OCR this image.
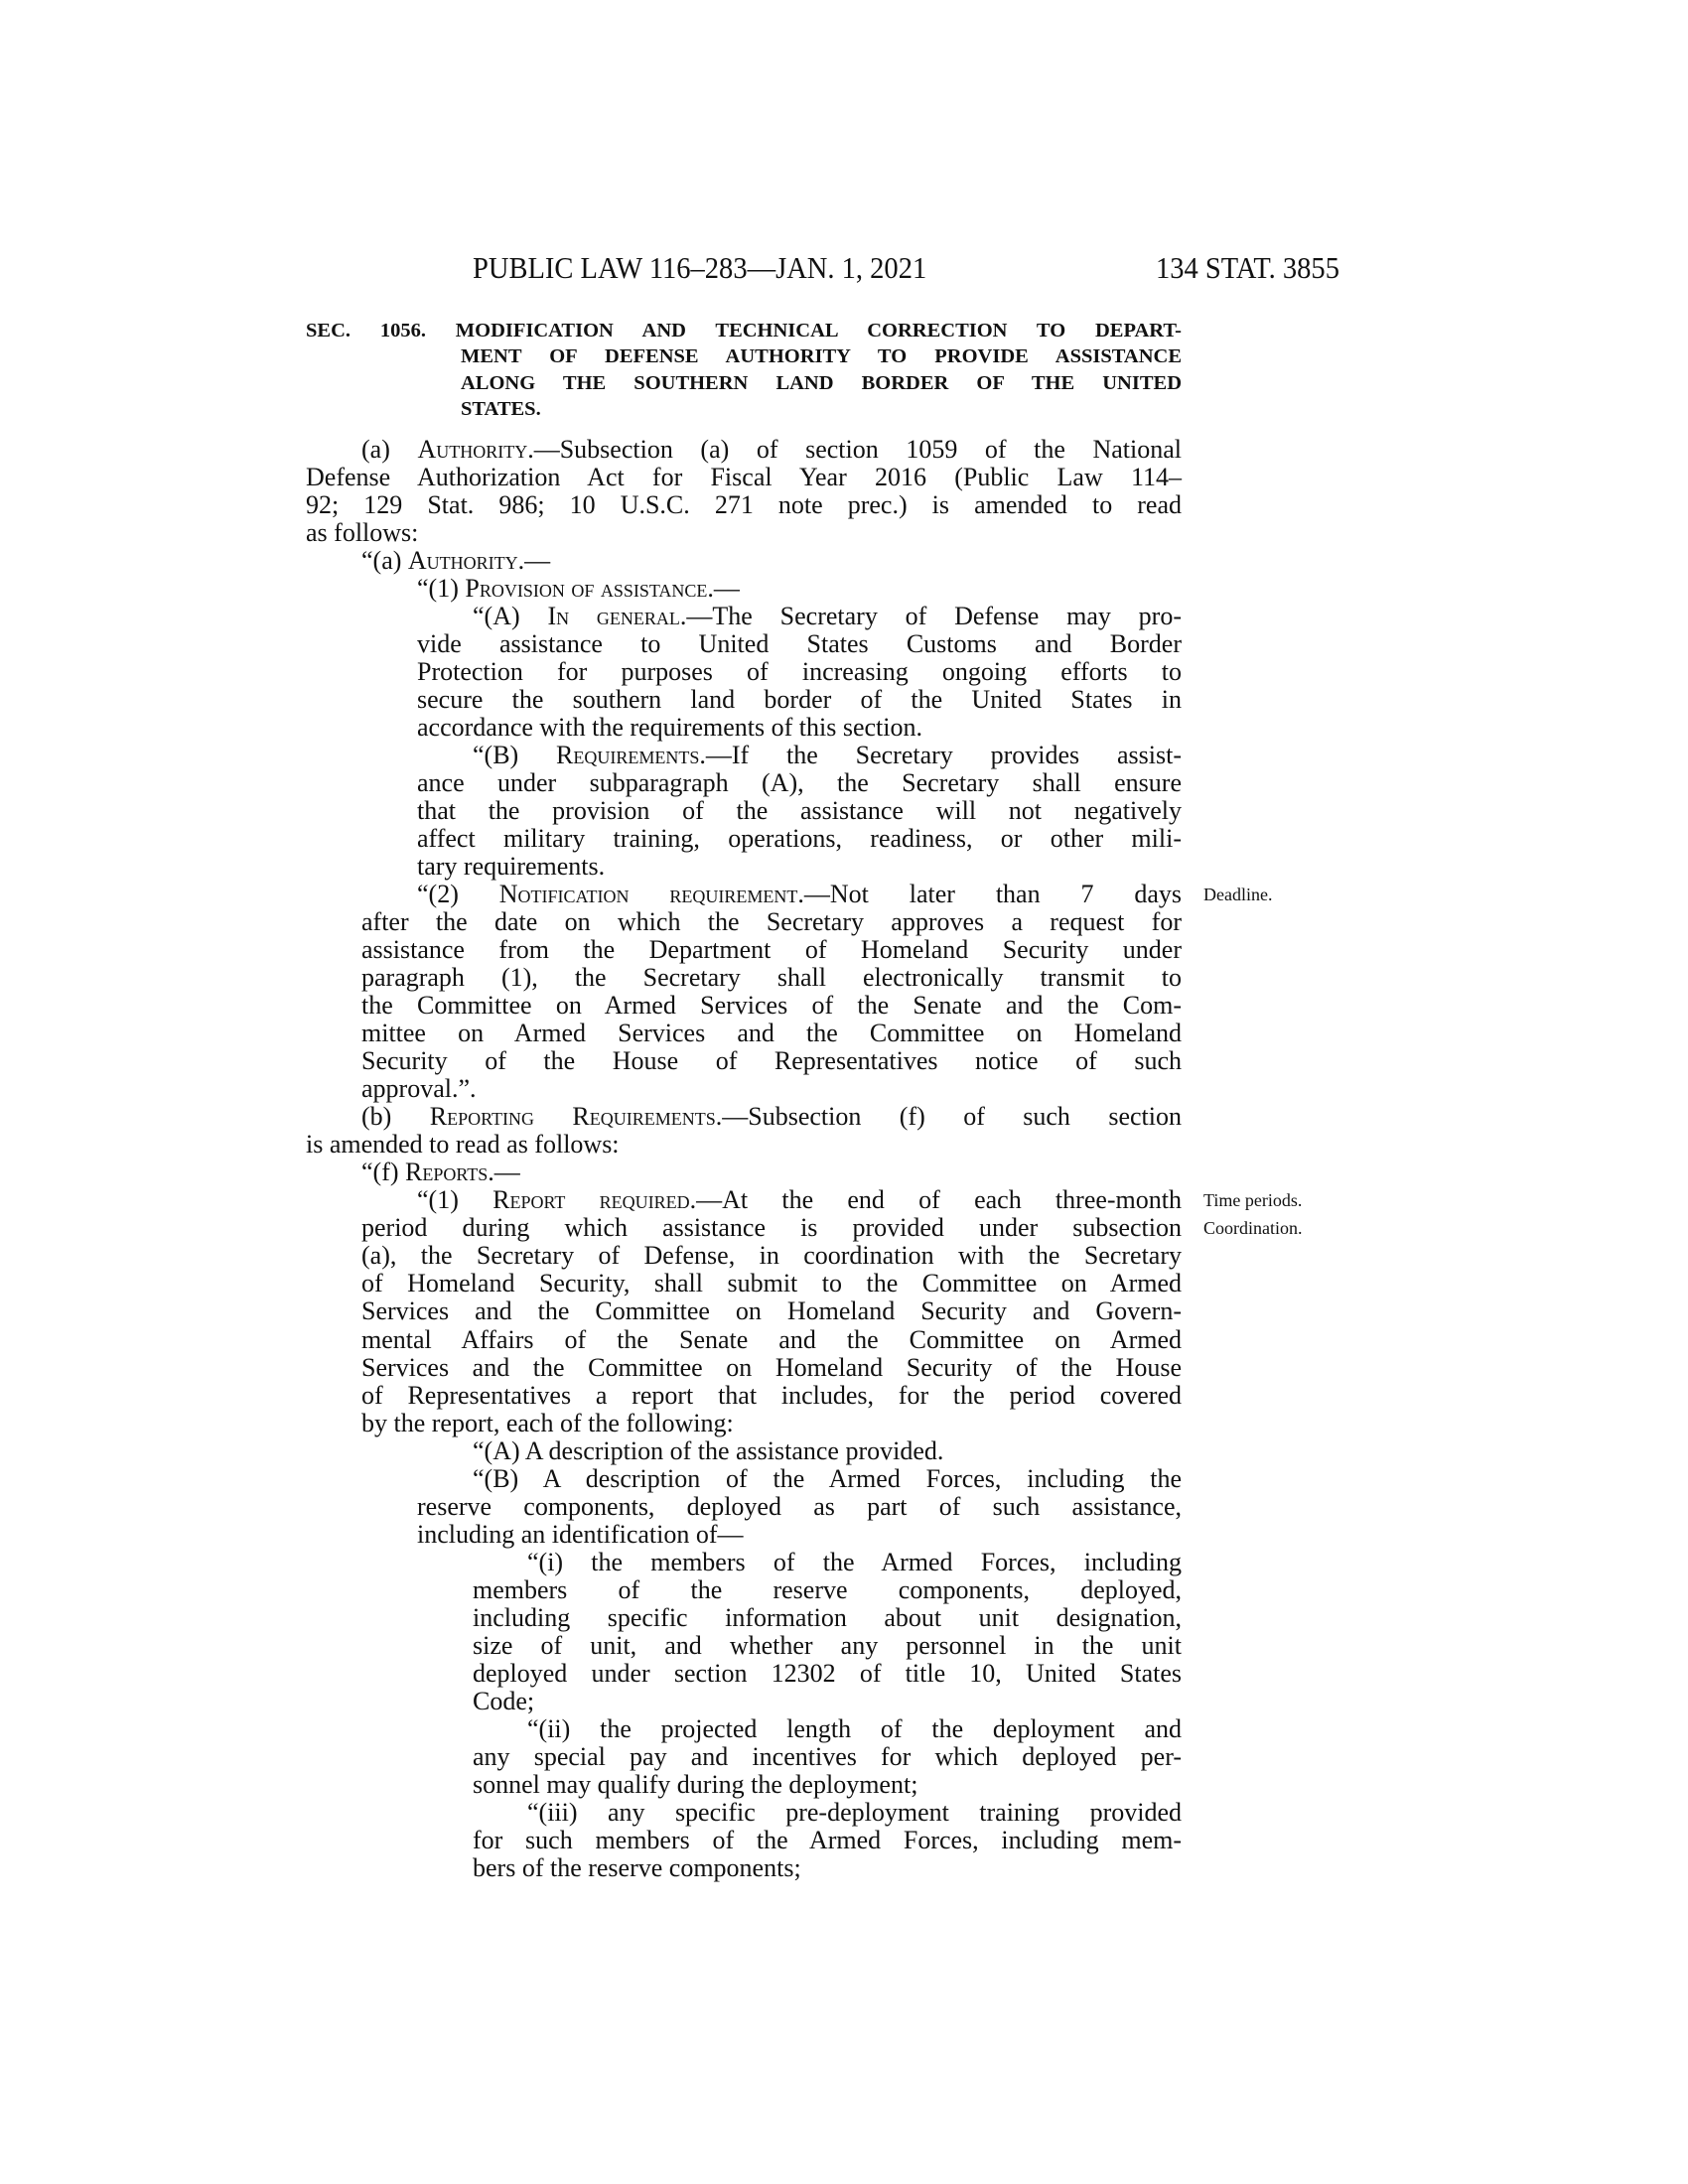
PUBLIC LAW 116–283—JAN. 1, 2021	134 STAT. 3855
SEC. 1056. MODIFICATION AND TECHNICAL CORRECTION TO DEPART-
MENT OF DEFENSE AUTHORITY TO PROVIDE ASSISTANCE
ALONG THE SOUTHERN LAND BORDER OF THE UNITED
STATES.
(a) Authority.—Subsection (a) of section 1059 of the National
Defense Authorization Act for Fiscal Year 2016 (Public Law 114–
92; 129 Stat. 986; 10 U.S.C. 271 note prec.) is amended to read
as follows:
“(a) Authority.—
“(1) Provision of assistance.—
“(A) In general.—The Secretary of Defense may pro-
vide assistance to United States Customs and Border
Protection for purposes of increasing ongoing efforts to
secure the southern land border of the United States in
accordance with the requirements of this section.
“(B) Requirements.—If the Secretary provides assist-
ance under subparagraph (A), the Secretary shall ensure
that the provision of the assistance will not negatively
affect military training, operations, readiness, or other mili-
tary requirements.
“(2) Notification requirement.—Not later than 7 days
after the date on which the Secretary approves a request for
assistance from the Department of Homeland Security under
paragraph (1), the Secretary shall electronically transmit to
the Committee on Armed Services of the Senate and the Com-
mittee on Armed Services and the Committee on Homeland
Security of the House of Representatives notice of such
approval.”.
(b) Reporting Requirements.—Subsection (f) of such section
is amended to read as follows:
“(f) Reports.—
“(1) Report required.—At the end of each three-month
period during which assistance is provided under subsection
(a), the Secretary of Defense, in coordination with the Secretary
of Homeland Security, shall submit to the Committee on Armed
Services and the Committee on Homeland Security and Govern-
mental Affairs of the Senate and the Committee on Armed
Services and the Committee on Homeland Security of the House
of Representatives a report that includes, for the period covered
by the report, each of the following:
“(A) A description of the assistance provided.
“(B) A description of the Armed Forces, including the
reserve components, deployed as part of such assistance,
including an identification of—
“(i) the members of the Armed Forces, including
members of the reserve components, deployed,
including specific information about unit designation,
size of unit, and whether any personnel in the unit
deployed under section 12302 of title 10, United States
Code;
“(ii) the projected length of the deployment and
any special pay and incentives for which deployed per-
sonnel may qualify during the deployment;
“(iii) any specific pre-deployment training provided
for such members of the Armed Forces, including mem-
bers of the reserve components;
Deadline.
Time periods.
Coordination.
